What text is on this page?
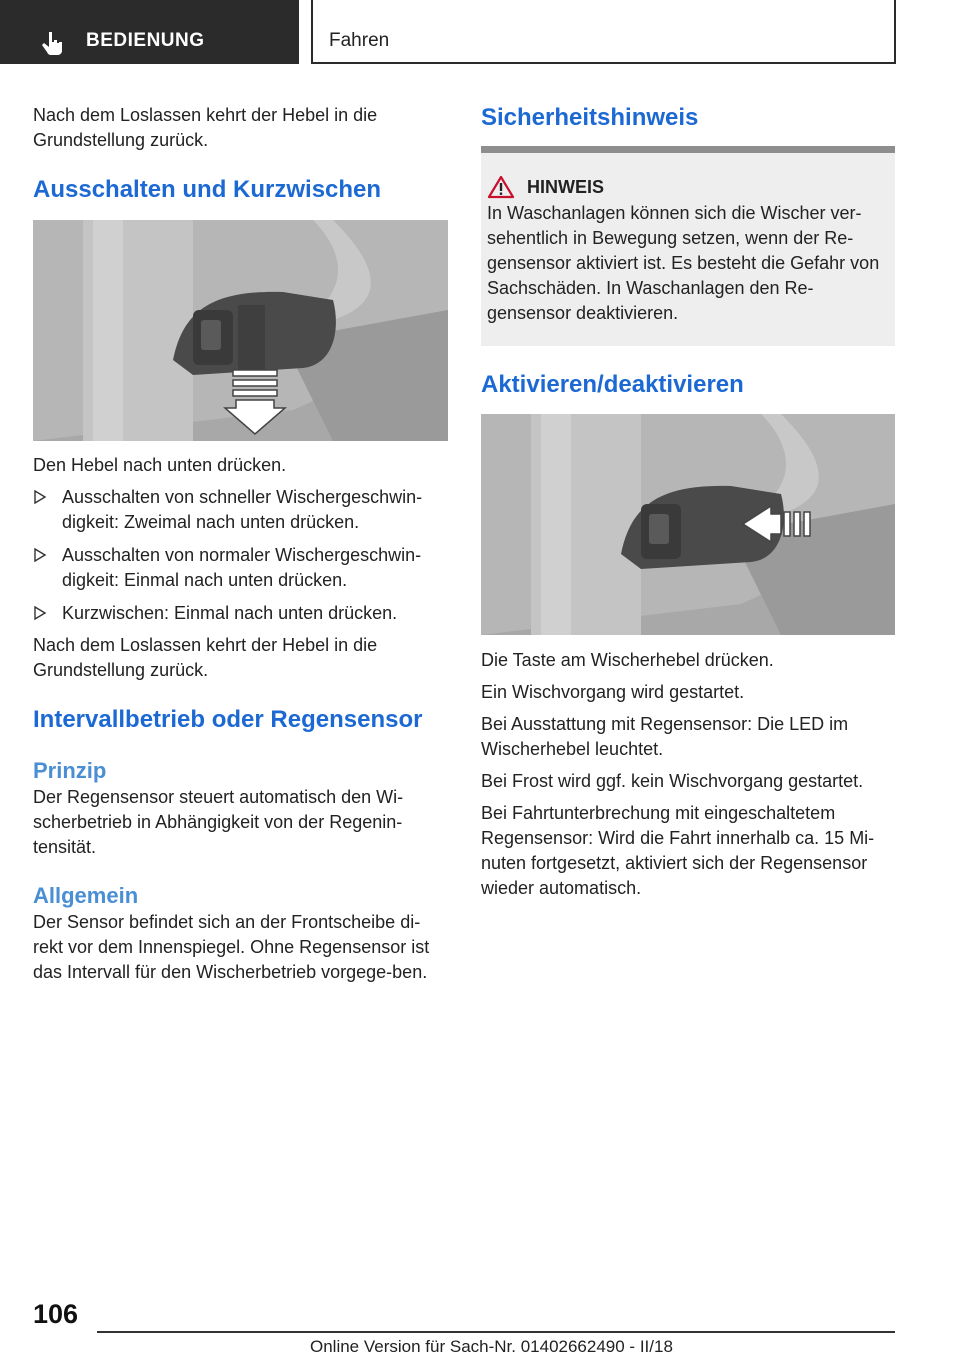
BEDIENUNG	Fahren

Nach dem Loslassen kehrt der Hebel in die Grundstellung zurück.

Ausschalten und Kurzwischen

Den Hebel nach unten drücken.

Ausschalten von schneller Wischergeschwin-digkeit: Zweimal nach unten drücken.
Ausschalten von normaler Wischergeschwin-digkeit: Einmal nach unten drücken.
Kurzwischen: Einmal nach unten drücken.

Nach dem Loslassen kehrt der Hebel in die Grundstellung zurück.

Intervallbetrieb oder Regensensor
Prinzip

Der Regensensor steuert automatisch den Wi-scherbetrieb in Abhängigkeit von der Regenin-tensität.

Allgemein

Der Sensor befindet sich an der Frontscheibe di-rekt vor dem Innenspiegel. Ohne Regensensor ist das Intervall für den Wischerbetrieb vorgege-ben.

Sicherheitshinweis
HINWEIS

In Waschanlagen können sich die Wischer ver-sehentlich in Bewegung setzen, wenn der Re-gensensor aktiviert ist. Es besteht die Gefahr von Sachschäden. In Waschanlagen den Re-gensensor deaktivieren.

Aktivieren/deaktivieren

Die Taste am Wischerhebel drücken.

Ein Wischvorgang wird gestartet.

Bei Ausstattung mit Regensensor: Die LED im Wischerhebel leuchtet.

Bei Frost wird ggf. kein Wischvorgang gestartet.

Bei Fahrtunterbrechung mit eingeschaltetem Regensensor: Wird die Fahrt innerhalb ca. 15 Mi-nuten fortgesetzt, aktiviert sich der Regensensor wieder automatisch.

106
Online Version für Sach-Nr. 01402662490 - II/18
